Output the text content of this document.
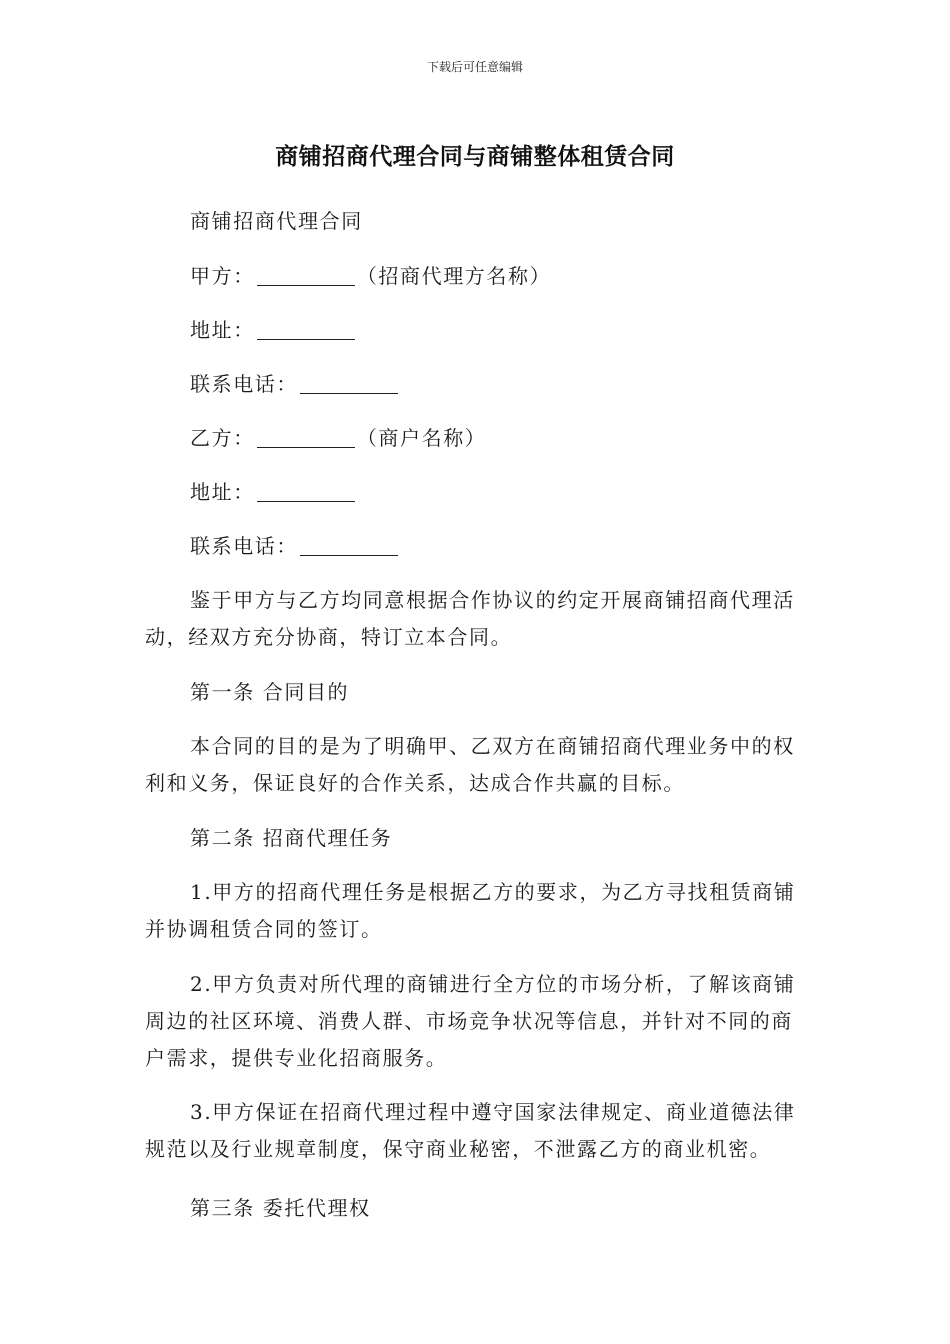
下载后可任意编辑
商铺招商代理合同与商铺整体租赁合同
商铺招商代理合同
甲方：	（招商代理方名称）
地址：
联系电话：
乙方：	（商户名称）
地址：
联系电话：
鉴于甲方与乙方均同意根据合作协议的约定开展商铺招商代理活动，经双方充分协商，特订立本合同。
第一条 合同目的
本合同的目的是为了明确甲、乙双方在商铺招商代理业务中的权利和义务，保证良好的合作关系，达成合作共赢的目标。
第二条 招商代理任务
1.甲方的招商代理任务是根据乙方的要求，为乙方寻找租赁商铺并协调租赁合同的签订。
2.甲方负责对所代理的商铺进行全方位的市场分析，了解该商铺周边的社区环境、消费人群、市场竞争状况等信息，并针对不同的商户需求，提供专业化招商服务。
3.甲方保证在招商代理过程中遵守国家法律规定、商业道德法律规范以及行业规章制度，保守商业秘密，不泄露乙方的商业机密。
第三条 委托代理权
